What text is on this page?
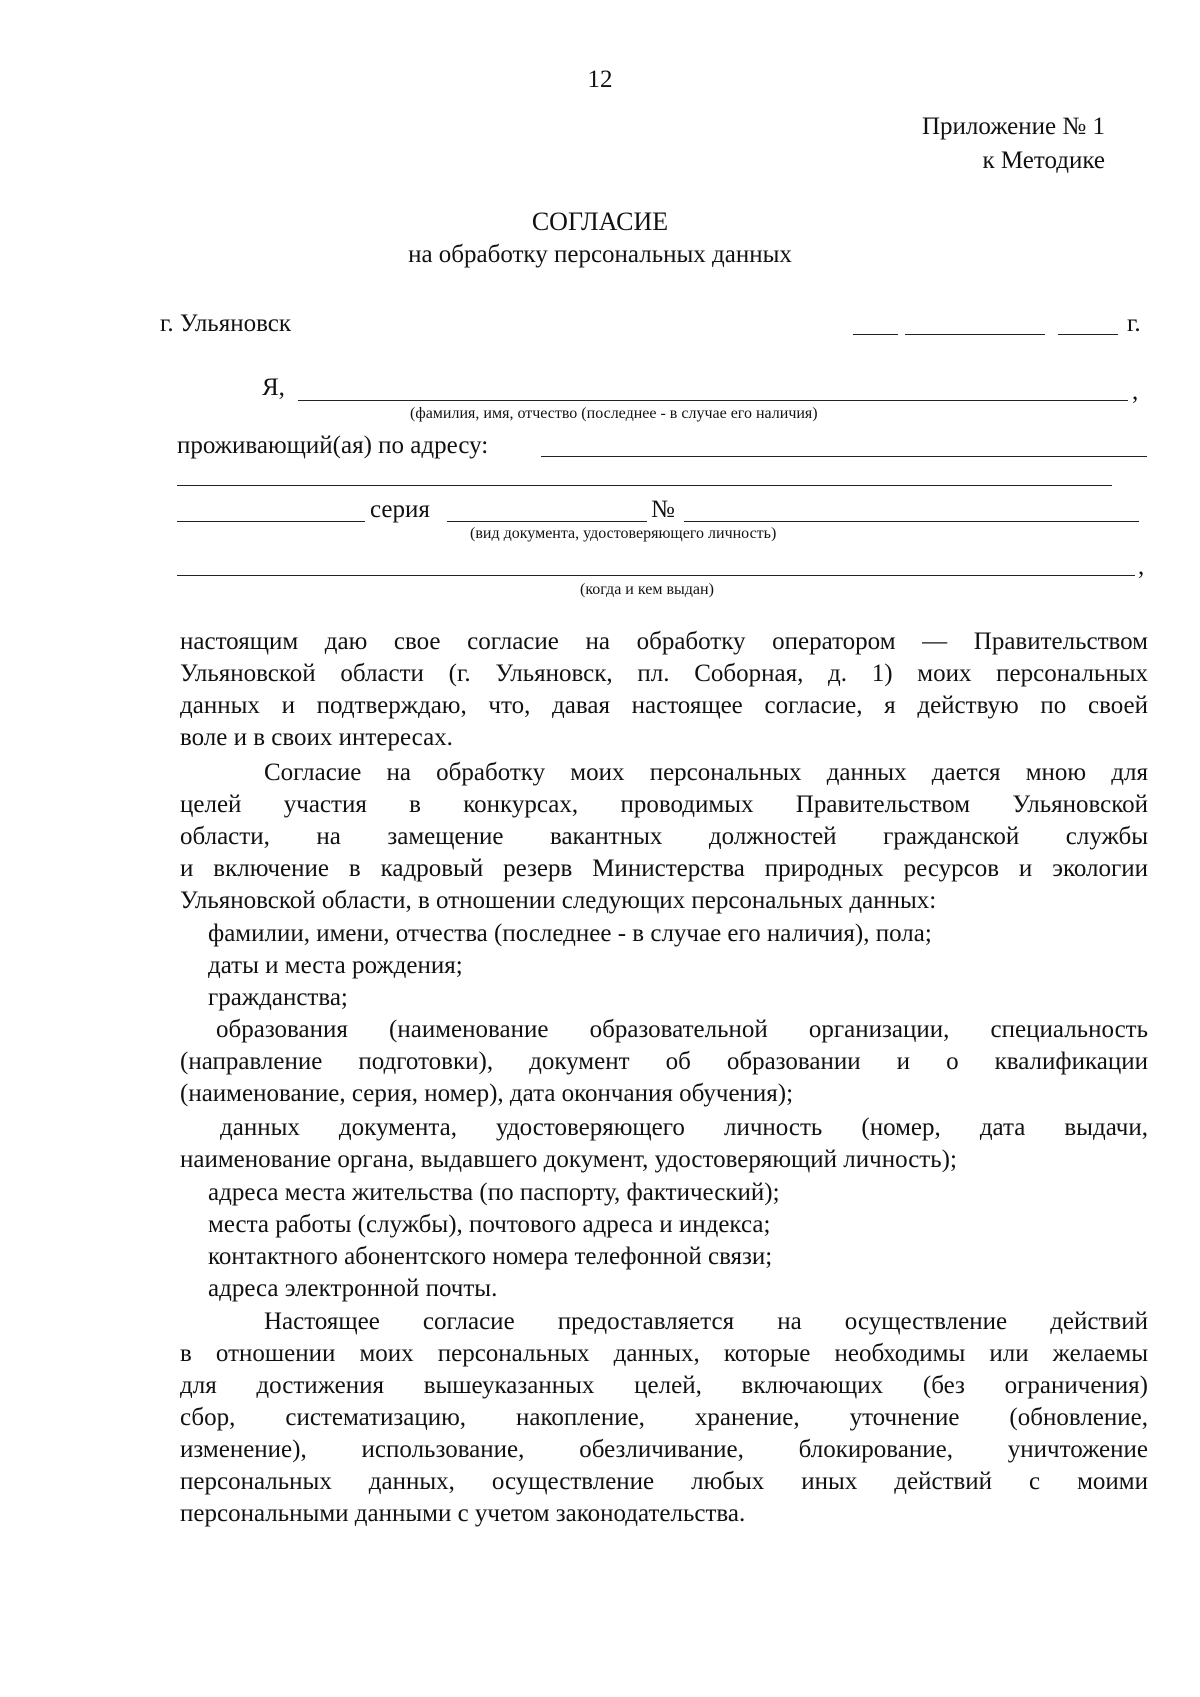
12
Приложение № 1
к Методике
СОГЛАСИЕ
на обработку персональных данных
г. Ульяновск	г.
Я,	,
(фамилия, имя, отчество (последнее - в случае его наличия)
проживающий(ая) по адресу:
серия	№
(вид документа, удостоверяющего личность)
,
(когда и кем выдан)
настоящим даю свое согласие на обработку оператором — Правительством
Ульяновской области (г. Ульяновск, пл. Соборная, д. 1) моих персональных
данных и подтверждаю, что, давая настоящее согласие, я действую по своей
воле и в своих интересах.
Согласие на обработку моих персональных данных дается мною для
целей участия в конкурсах, проводимых Правительством Ульяновской
области, на замещение вакантных должностей гражданской службы
и включение в кадровый резерв Министерства природных ресурсов и экологии
Ульяновской области, в отношении следующих персональных данных:
фамилии, имени, отчества (последнее - в случае его наличия), пола;
даты и места рождения;
гражданства;
образования (наименование образовательной организации, специальность
(направление подготовки), документ об образовании и о квалификации
(наименование, серия, номер), дата окончания обучения);
данных документа, удостоверяющего личность (номер, дата выдачи,
наименование органа, выдавшего документ, удостоверяющий личность);
адреса места жительства (по паспорту, фактический);
места работы (службы), почтового адреса и индекса;
контактного абонентского номера телефонной связи;
адреса электронной почты.
Настоящее согласие предоставляется на осуществление действий
в отношении моих персональных данных, которые необходимы или желаемы
для достижения вышеуказанных целей, включающих (без ограничения)
сбор, систематизацию, накопление, хранение, уточнение (обновление,
изменение), использование, обезличивание, блокирование, уничтожение
персональных данных, осуществление любых иных действий с моими
персональными данными с учетом законодательства.
